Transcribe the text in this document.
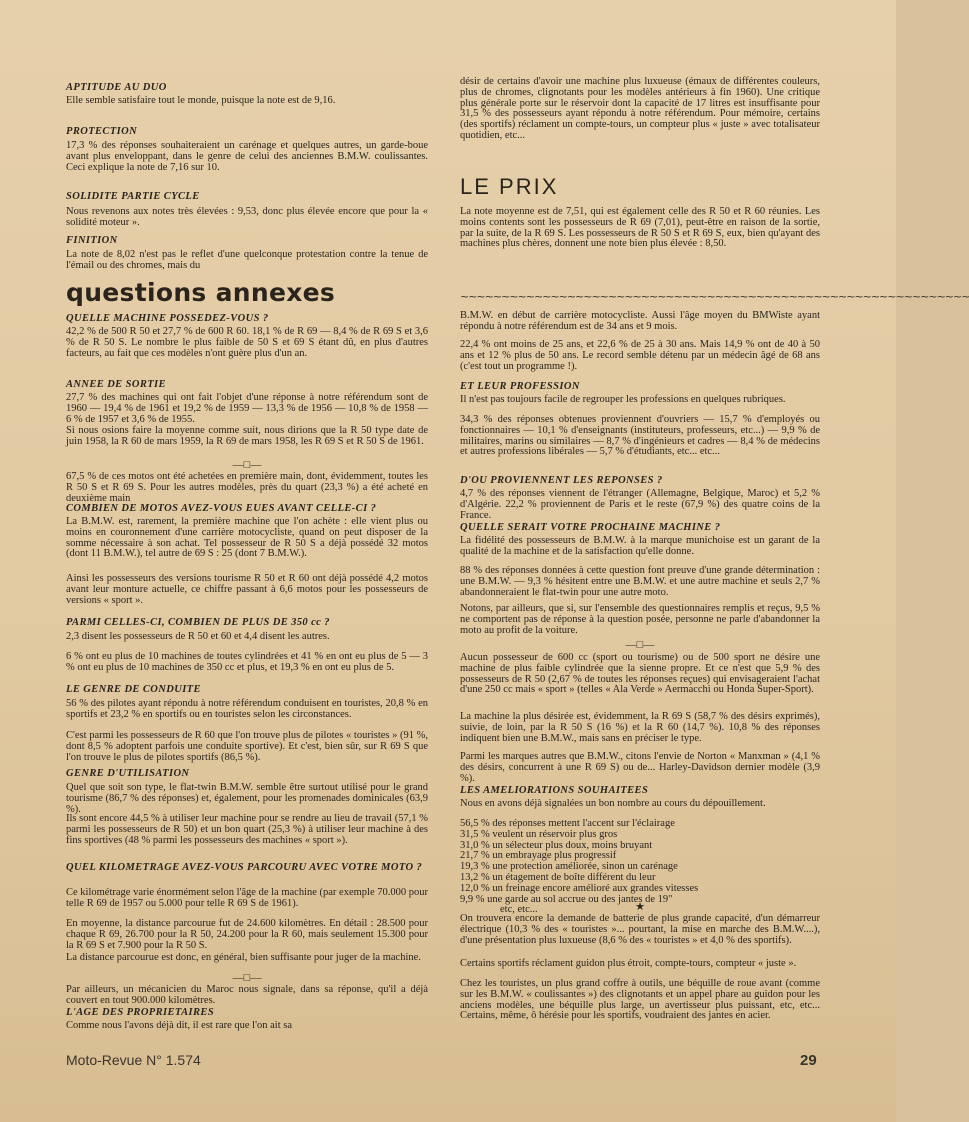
APTITUDE AU DUO

Elle semble satisfaire tout le monde, puisque la note est de 9,16.

PROTECTION

17,3 % des réponses souhaiteraient un carénage et quelques autres, un garde-boue avant plus enveloppant, dans le genre de celui des anciennes B.M.W. coulissantes. Ceci explique la note de 7,16 sur 10.

SOLIDITE PARTIE CYCLE

Nous revenons aux notes très élevées : 9,53, donc plus élevée encore que pour la « solidité moteur ».

FINITION

La note de 8,02 n'est pas le reflet d'une quelconque protestation contre la tenue de l'émail ou des chromes, mais du

questions annexes

QUELLE MACHINE POSSEDEZ-VOUS ?

42,2 % de 500 R 50 et 27,7 % de 600 R 60. 18,1 % de R 69 — 8,4 % de R 69 S et 3,6 % de R 50 S. Le nombre le plus faible de 50 S et 69 S étant dû, en plus d'autres facteurs, au fait que ces modèles n'ont guère plus d'un an.

ANNEE DE SORTIE

27,7 % des machines qui ont fait l'objet d'une réponse à notre référendum sont de 1960 — 19,4 % de 1961 et 19,2 % de 1959 — 13,3 % de 1956 — 10,8 % de 1958 — 6 % de 1957 et 3,6 % de 1955.

Si nous osions faire la moyenne comme suit, nous dirions que la R 50 type date de juin 1958, la R 60 de mars 1959, la R 69 de mars 1958, les R 69 S et R 50 S de 1961.

—□—

67,5 % de ces motos ont été achetées en première main, dont, évidemment, toutes les R 50 S et R 69 S. Pour les autres modèles, près du quart (23,3 %) a été acheté en deuxième main

COMBIEN DE MOTOS AVEZ-VOUS EUES AVANT CELLE-CI ?

La B.M.W. est, rarement, la première machine que l'on achète : elle vient plus ou moins en couronnement d'une carrière motocycliste, quand on peut disposer de la somme nécessaire à son achat. Tel possesseur de R 50 S a déjà possédé 32 motos (dont 11 B.M.W.), tel autre de 69 S : 25 (dont 7 B.M.W.).

Ainsi les possesseurs des versions tourisme R 50 et R 60 ont déjà possédé 4,2 motos avant leur monture actuelle, ce chiffre passant à 6,6 motos pour les possesseurs de versions « sport ».

PARMI CELLES-CI, COMBIEN DE PLUS DE 350 cc ?

2,3 disent les possesseurs de R 50 et 60 et 4,4 disent les autres.

6 % ont eu plus de 10 machines de toutes cylindrées et 41 % en ont eu plus de 5 — 3 % ont eu plus de 10 machines de 350 cc et plus, et 19,3 % en ont eu plus de 5.

LE GENRE DE CONDUITE

56 % des pilotes ayant répondu à notre référendum conduisent en touristes, 20,8 % en sportifs et 23,2 % en sportifs ou en touristes selon les circonstances.

C'est parmi les possesseurs de R 60 que l'on trouve plus de pilotes « touristes » (91 %, dont 8,5 % adoptent parfois une conduite sportive). Et c'est, bien sûr, sur R 69 S que l'on trouve le plus de pilotes sportifs (86,5 %).

GENRE D'UTILISATION

Quel que soit son type, le flat-twin B.M.W. semble être surtout utilisé pour le grand tourisme (86,7 % des réponses) et, également, pour les promenades dominicales (63,9 %).

Ils sont encore 44,5 % à utiliser leur machine pour se rendre au lieu de travail (57,1 % parmi les possesseurs de R 50) et un bon quart (25,3 %) à utiliser leur machine à des fins sportives (48 % parmi les possesseurs des machines « sport »).

QUEL KILOMETRAGE AVEZ-VOUS PARCOURU AVEC VOTRE MOTO ?

Ce kilométrage varie énormément selon l'âge de la machine (par exemple 70.000 pour telle R 69 de 1957 ou 5.000 pour telle R 69 S de 1961).

En moyenne, la distance parcourue fut de 24.600 kilomètres. En détail : 28.500 pour chaque R 69, 26.700 pour la R 50, 24.200 pour la R 60, mais seulement 15.300 pour la R 69 S et 7.900 pour la R 50 S.

La distance parcourue est donc, en général, bien suffisante pour juger de la machine.

—□—

Par ailleurs, un mécanicien du Maroc nous signale, dans sa réponse, qu'il a déjà couvert en tout 900.000 kilomètres.

L'AGE DES PROPRIETAIRES

Comme nous l'avons déjà dit, il est rare que l'on ait sa

désir de certains d'avoir une machine plus luxueuse (émaux de différentes couleurs, plus de chromes, clignotants pour les modèles antérieurs à fin 1960). Une critique plus générale porte sur le réservoir dont la capacité de 17 litres est insuffisante pour 31,5 % des possesseurs ayant répondu à notre référendum. Pour mémoire, certains (des sportifs) réclament un compte-tours, un compteur plus « juste » avec totalisateur quotidien, etc...

LE PRIX

La note moyenne est de 7,51, qui est également celle des R 50 et R 60 réunies. Les moins contents sont les possesseurs de R 69 (7,01), peut-être en raison de la sortie, par la suite, de la R 69 S. Les possesseurs de R 50 S et R 69 S, eux, bien qu'ayant des machines plus chères, donnent une note bien plus élevée : 8,50.

~~~~~~~~~~~~~~~~~~~~~~~~~~~~~~~~~~~~~~~~~~~~~~~~~~~~~~~~~~~~~~

B.M.W. en début de carrière motocycliste. Aussi l'âge moyen du BMWiste ayant répondu à notre référendum est de 34 ans et 9 mois.

22,4 % ont moins de 25 ans, et 22,6 % de 25 à 30 ans. Mais 14,9 % ont de 40 à 50 ans et 12 % plus de 50 ans. Le record semble détenu par un médecin âgé de 68 ans (c'est tout un programme !).

ET LEUR PROFESSION

Il n'est pas toujours facile de regrouper les professions en quelques rubriques.

34,3 % des réponses obtenues proviennent d'ouvriers — 15,7 % d'employés ou fonctionnaires — 10,1 % d'enseignants (instituteurs, professeurs, etc...) — 9,9 % de militaires, marins ou similaires — 8,7 % d'ingénieurs et cadres — 8,4 % de médecins et autres professions libérales — 5,7 % d'étudiants, etc... etc...

D'OU PROVIENNENT LES REPONSES ?

4,7 % des réponses viennent de l'étranger (Allemagne, Belgique, Maroc) et 5,2 % d'Algérie. 22,2 % proviennent de Paris et le reste (67,9 %) des quatre coins de la France.

QUELLE SERAIT VOTRE PROCHAINE MACHINE ?

La fidélité des possesseurs de B.M.W. à la marque munichoise est un garant de la qualité de la machine et de la satisfaction qu'elle donne.

88 % des réponses données à cette question font preuve d'une grande détermination : une B.M.W. — 9,3 % hésitent entre une B.M.W. et une autre machine et seuls 2,7 % abandonneraient le flat-twin pour une autre moto.

Notons, par ailleurs, que si, sur l'ensemble des questionnaires remplis et reçus, 9,5 % ne comportent pas de réponse à la question posée, personne ne parle d'abandonner la moto au profit de la voiture.

—□—

Aucun possesseur de 600 cc (sport ou tourisme) ou de 500 sport ne désire une machine de plus faible cylindrée que la sienne propre. Et ce n'est que 5,9 % des possesseurs de R 50 (2,67 % de toutes les réponses reçues) qui envisageraient l'achat d'une 250 cc mais « sport » (telles « Ala Verde » Aermacchi ou Honda Super-Sport).

La machine la plus désirée est, évidemment, la R 69 S (58,7 % des désirs exprimés), suivie, de loin, par la R 50 S (16 %) et la R 60 (14,7 %). 10,8 % des réponses indiquent bien une B.M.W., mais sans en préciser le type.

Parmi les marques autres que B.M.W., citons l'envie de Norton « Manxman » (4,1 % des désirs, concurrent à une R 69 S) ou de... Harley-Davidson dernier modèle (3,9 %).

LES AMELIORATIONS SOUHAITEES

Nous en avons déjà signalées un bon nombre au cours du dépouillement.

56,5 % des réponses mettent l'accent sur l'éclairage
31,5 % veulent un réservoir plus gros
31,0 % un sélecteur plus doux, moins bruyant
21,7 % un embrayage plus progressif
19,3 % une protection améliorée, sinon un carénage
13,2 % un étagement de boîte différent du leur
12,0 % un freinage encore amélioré aux grandes vitesses
9,9 % une garde au sol accrue ou des jantes de 19"
etc, etc...	★

On trouvera encore la demande de batterie de plus grande capacité, d'un démarreur électrique (10,3 % des « touristes »... pourtant, la mise en marche des B.M.W....), d'une présentation plus luxueuse (8,6 % des « touristes » et 4,0 % des sportifs).

Certains sportifs réclament guidon plus étroit, compte-tours, compteur « juste ».

Chez les touristes, un plus grand coffre à outils, une béquille de roue avant (comme sur les B.M.W. « coulissantes ») des clignotants et un appel phare au guidon pour les anciens modèles, une béquille plus large, un avertisseur plus puissant, etc, etc... Certains, même, ô hérésie pour les sportifs, voudraient des jantes en acier.

Moto-Revue N° 1.574	29
